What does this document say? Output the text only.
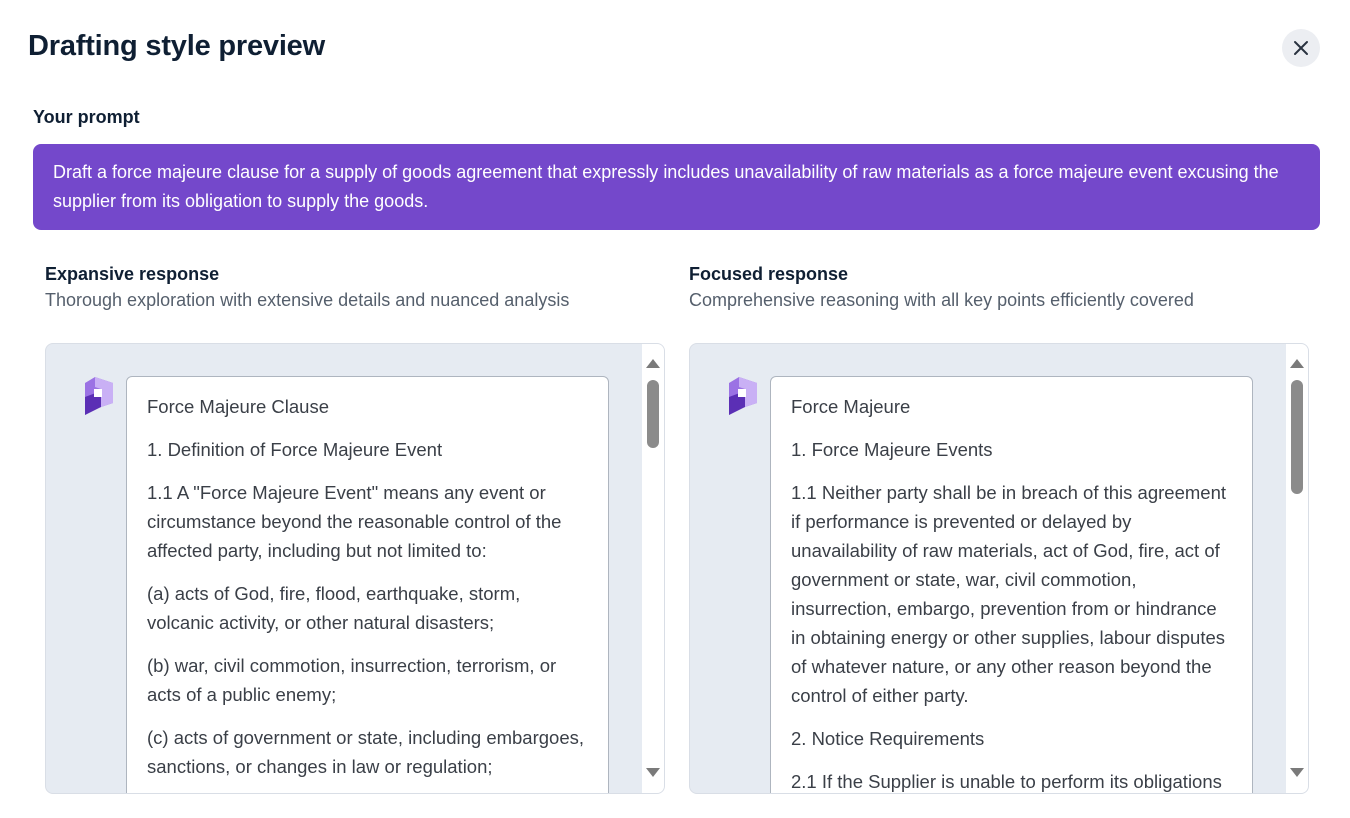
Drafting style preview
Your prompt
Draft a force majeure clause for a supply of goods agreement that expressly includes unavailability of raw materials as a force majeure event excusing the supplier from its obligation to supply the goods.
Expansive response
Thorough exploration with extensive details and nuanced analysis

Force Majeure Clause

1. Definition of Force Majeure Event

1.1 A "Force Majeure Event" means any event or circumstance beyond the reasonable control of the affected party, including but not limited to:

(a) acts of God, fire, flood, earthquake, storm, volcanic activity, or other natural disasters;

(b) war, civil commotion, insurrection, terrorism, or acts of a public enemy;

(c) acts of government or state, including embargoes, sanctions, or changes in law or regulation;

Focused response
Comprehensive reasoning with all key points efficiently covered

Force Majeure

1. Force Majeure Events

1.1 Neither party shall be in breach of this agreement if performance is prevented or delayed by unavailability of raw materials, act of God, fire, act of government or state, war, civil commotion, insurrection, embargo, prevention from or hindrance in obtaining energy or other supplies, labour disputes of whatever nature, or any other reason beyond the control of either party.

2. Notice Requirements

2.1 If the Supplier is unable to perform its obligations
